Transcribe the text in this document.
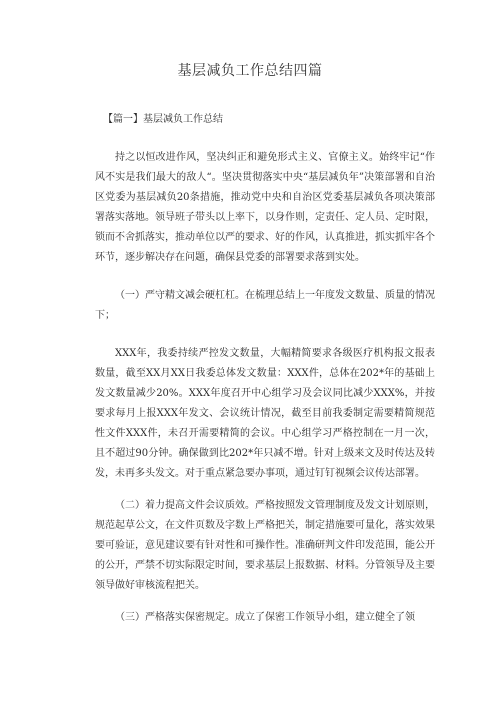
基层减负工作总结四篇

【篇一】基层减负工作总结

持之以恒改进作风，坚决纠正和避免形式主义、官僚主义。始终牢记“作风不实是我们最大的敌人“。坚决贯彻落实中央“基层减负年”决策部署和自治区党委为基层减负20条措施，推动党中央和自治区党委基层减负各项决策部署落实落地。领导班子带头以上率下，以身作则，定责任、定人员、定时限，锁而不舍抓落实，推动单位以严的要求、好的作风，认真推进，抓实抓牢各个环节，逐步解决存在问题，确保县党委的部署要求落到实处。

（一）严守精文减会硬杠杠。在梳理总结上一年度发文数量、质量的情况下；

XXX年，我委持续严控发文数量，大幅精简要求各级医疗机构报文报表数量，截至XX月XX日我委总体发文数量：XXX件，总体在202*年的基础上发文数量减少20%。XXX年度召开中心组学习及会议同比减少XXX%，并按要求每月上报XXX年发文、会议统计情况，截至目前我委制定需要精简规范性文件XXX件，未召开需要精简的会议。中心组学习严格控制在一月一次，且不超过90分钟。确保做到比202*年只减不增。针对上级来文及时传达及转发，未再多头发文。对于重点紧急要办事项，通过钉钉视频会议传达部署。

（二）着力提高文件会议质效。严格按照发文管理制度及发文计划原则，规范起草公文，在文件页数及字数上严格把关，制定措施要可量化，落实效果要可验证，意见建议要有针对性和可操作性。准确研判文件印发范围，能公开的公开，严禁不切实际限定时间，要求基层上报数据、材料。分管领导及主要领导做好审核流程把关。

（三）严格落实保密规定。成立了保密工作领导小组，建立健全了领
